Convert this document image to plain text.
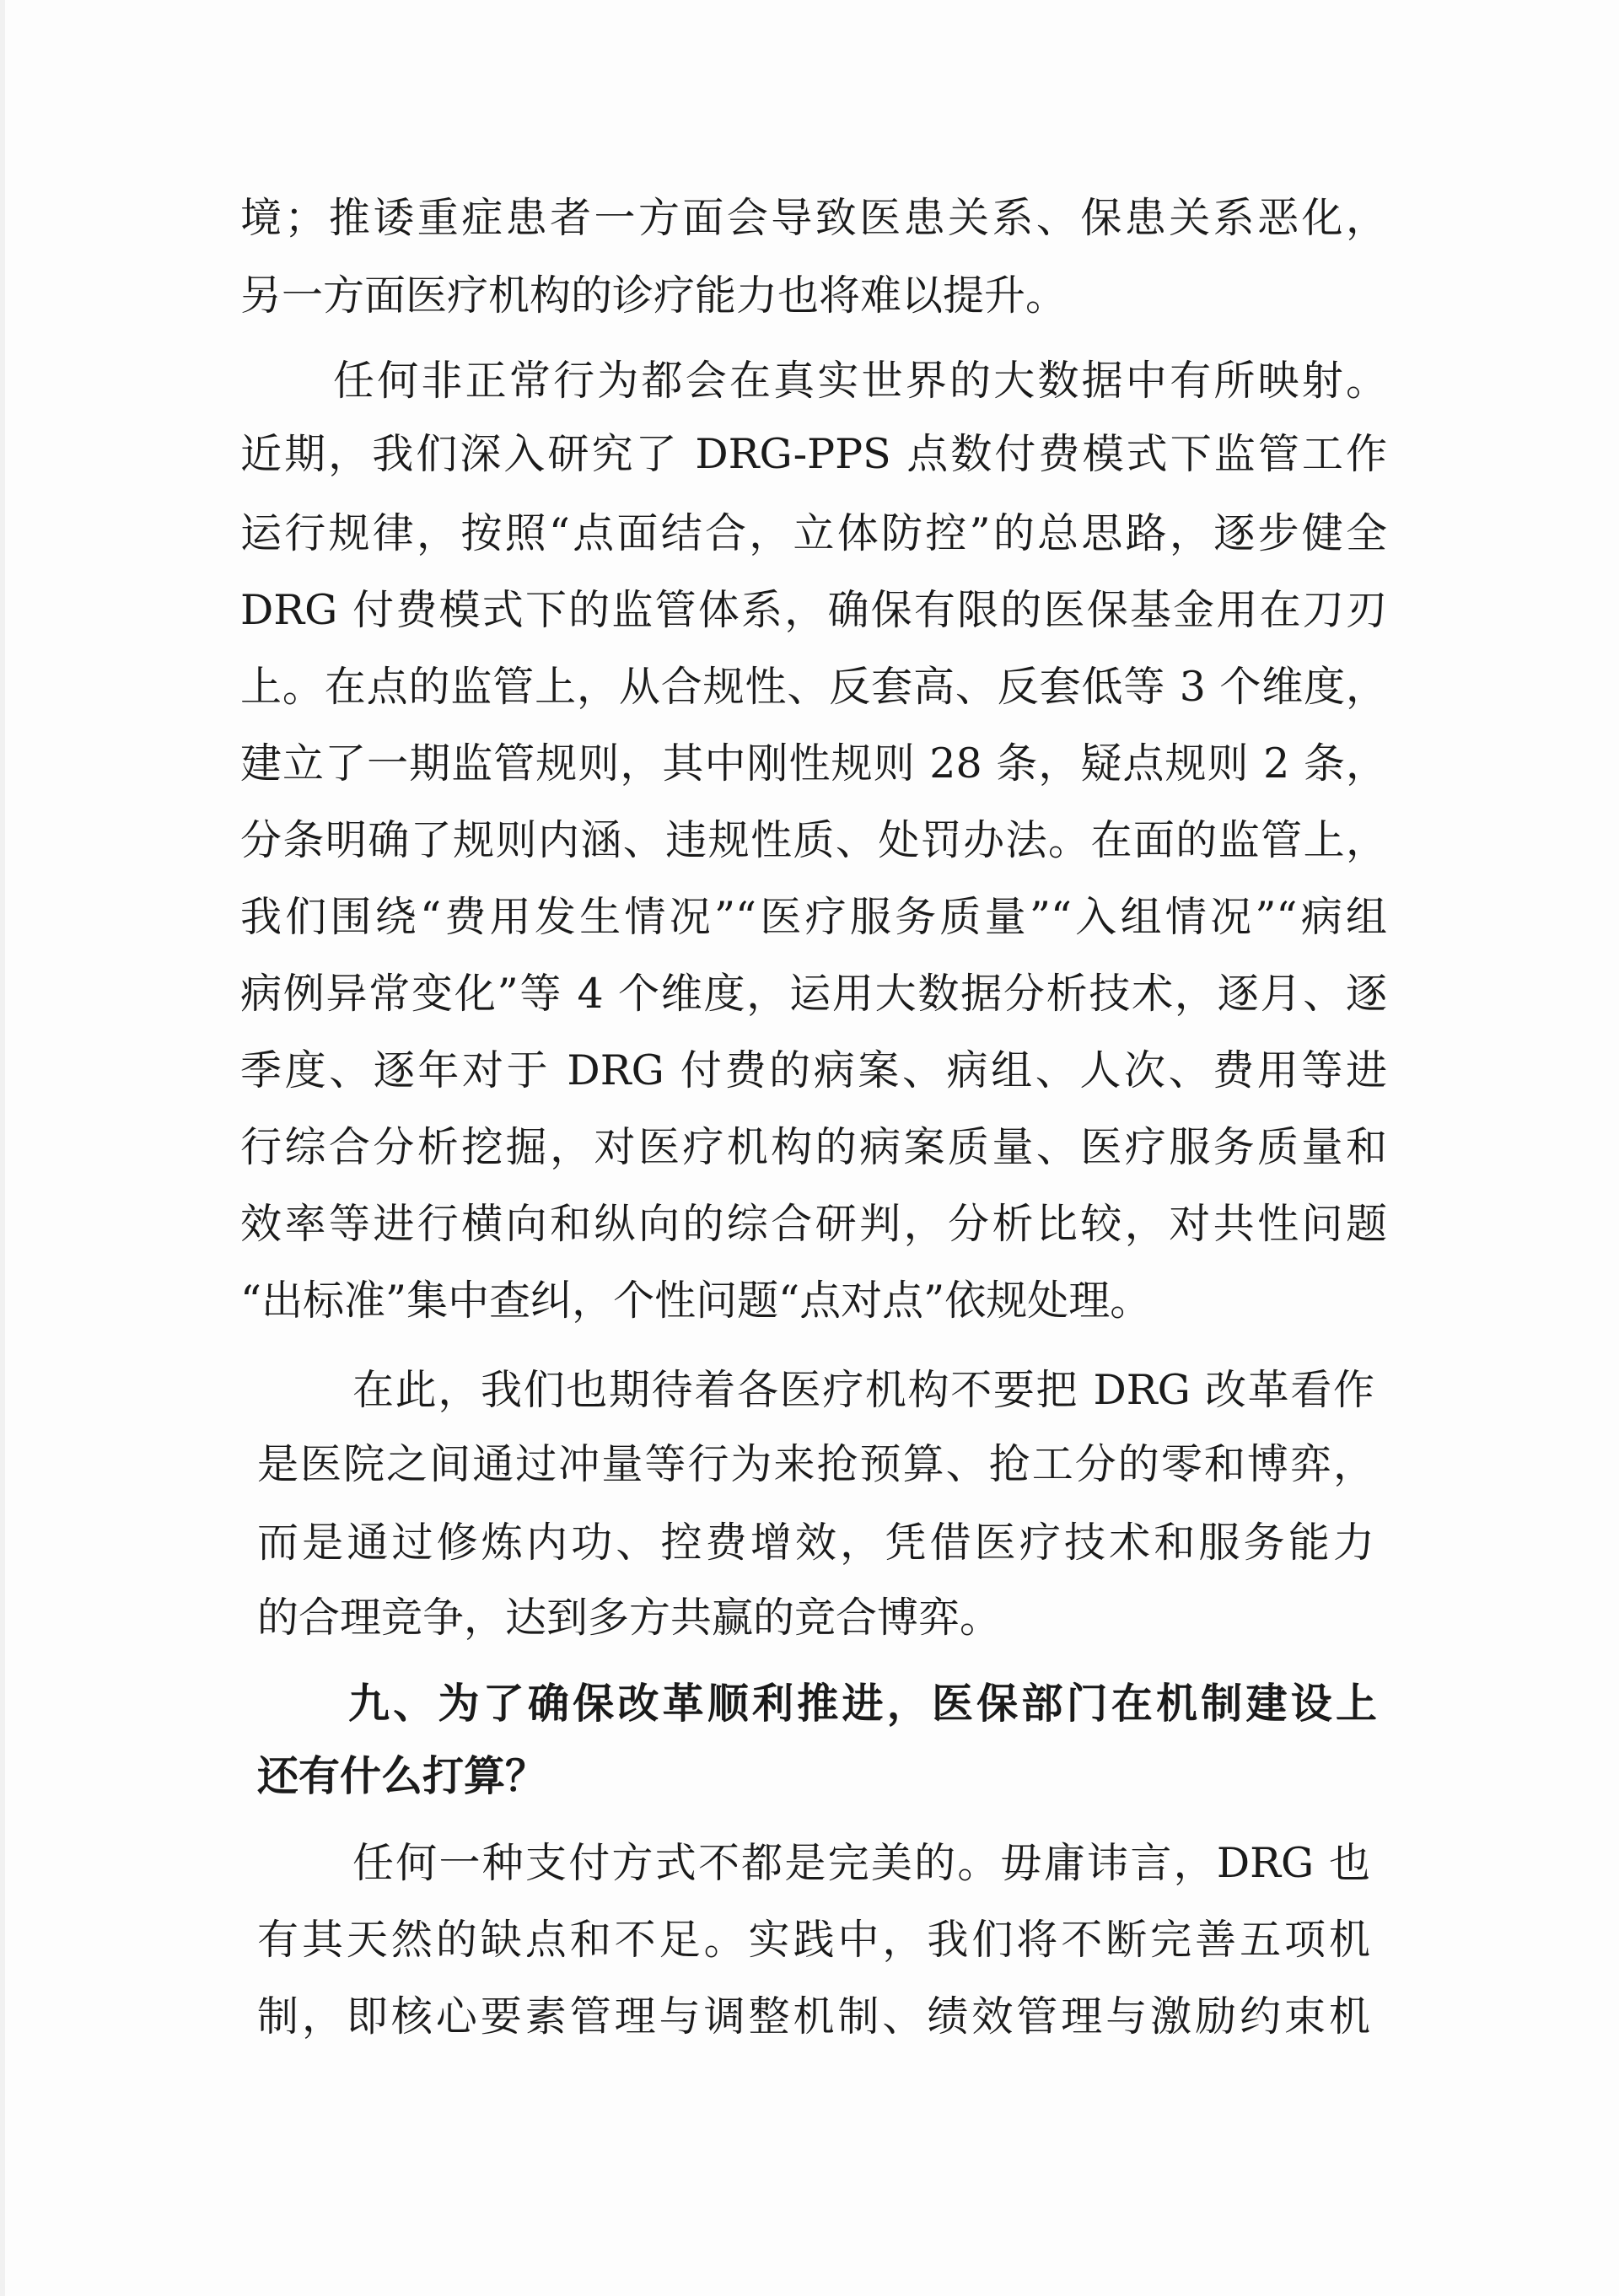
境；推诿重症患者一方面会导致医患关系、保患关系恶化，
另一方面医疗机构的诊疗能力也将难以提升。
任何非正常行为都会在真实世界的大数据中有所映射。
近期，我们深入研究了 DRG-PPS 点数付费模式下监管工作
运行规律，按照“点面结合，立体防控”的总思路，逐步健全
DRG 付费模式下的监管体系，确保有限的医保基金用在刀刃
上。在点的监管上，从合规性、反套高、反套低等 3 个维度，
建立了一期监管规则，其中刚性规则 28 条，疑点规则 2 条，
分条明确了规则内涵、违规性质、处罚办法。在面的监管上，
我们围绕“费用发生情况”“医疗服务质量”“入组情况”“病组
病例异常变化”等 4 个维度，运用大数据分析技术，逐月、逐
季度、逐年对于 DRG 付费的病案、病组、人次、费用等进
行综合分析挖掘，对医疗机构的病案质量、医疗服务质量和
效率等进行横向和纵向的综合研判，分析比较，对共性问题
“出标准”集中查纠，个性问题“点对点”依规处理。
在此，我们也期待着各医疗机构不要把 DRG 改革看作
是医院之间通过冲量等行为来抢预算、抢工分的零和博弈，
而是通过修炼内功、控费增效，凭借医疗技术和服务能力
的合理竞争，达到多方共赢的竞合博弈。
九、为了确保改革顺利推进，医保部门在机制建设上
还有什么打算？
任何一种支付方式不都是完美的。毋庸讳言，DRG 也
有其天然的缺点和不足。实践中，我们将不断完善五项机
制，即核心要素管理与调整机制、绩效管理与激励约束机
